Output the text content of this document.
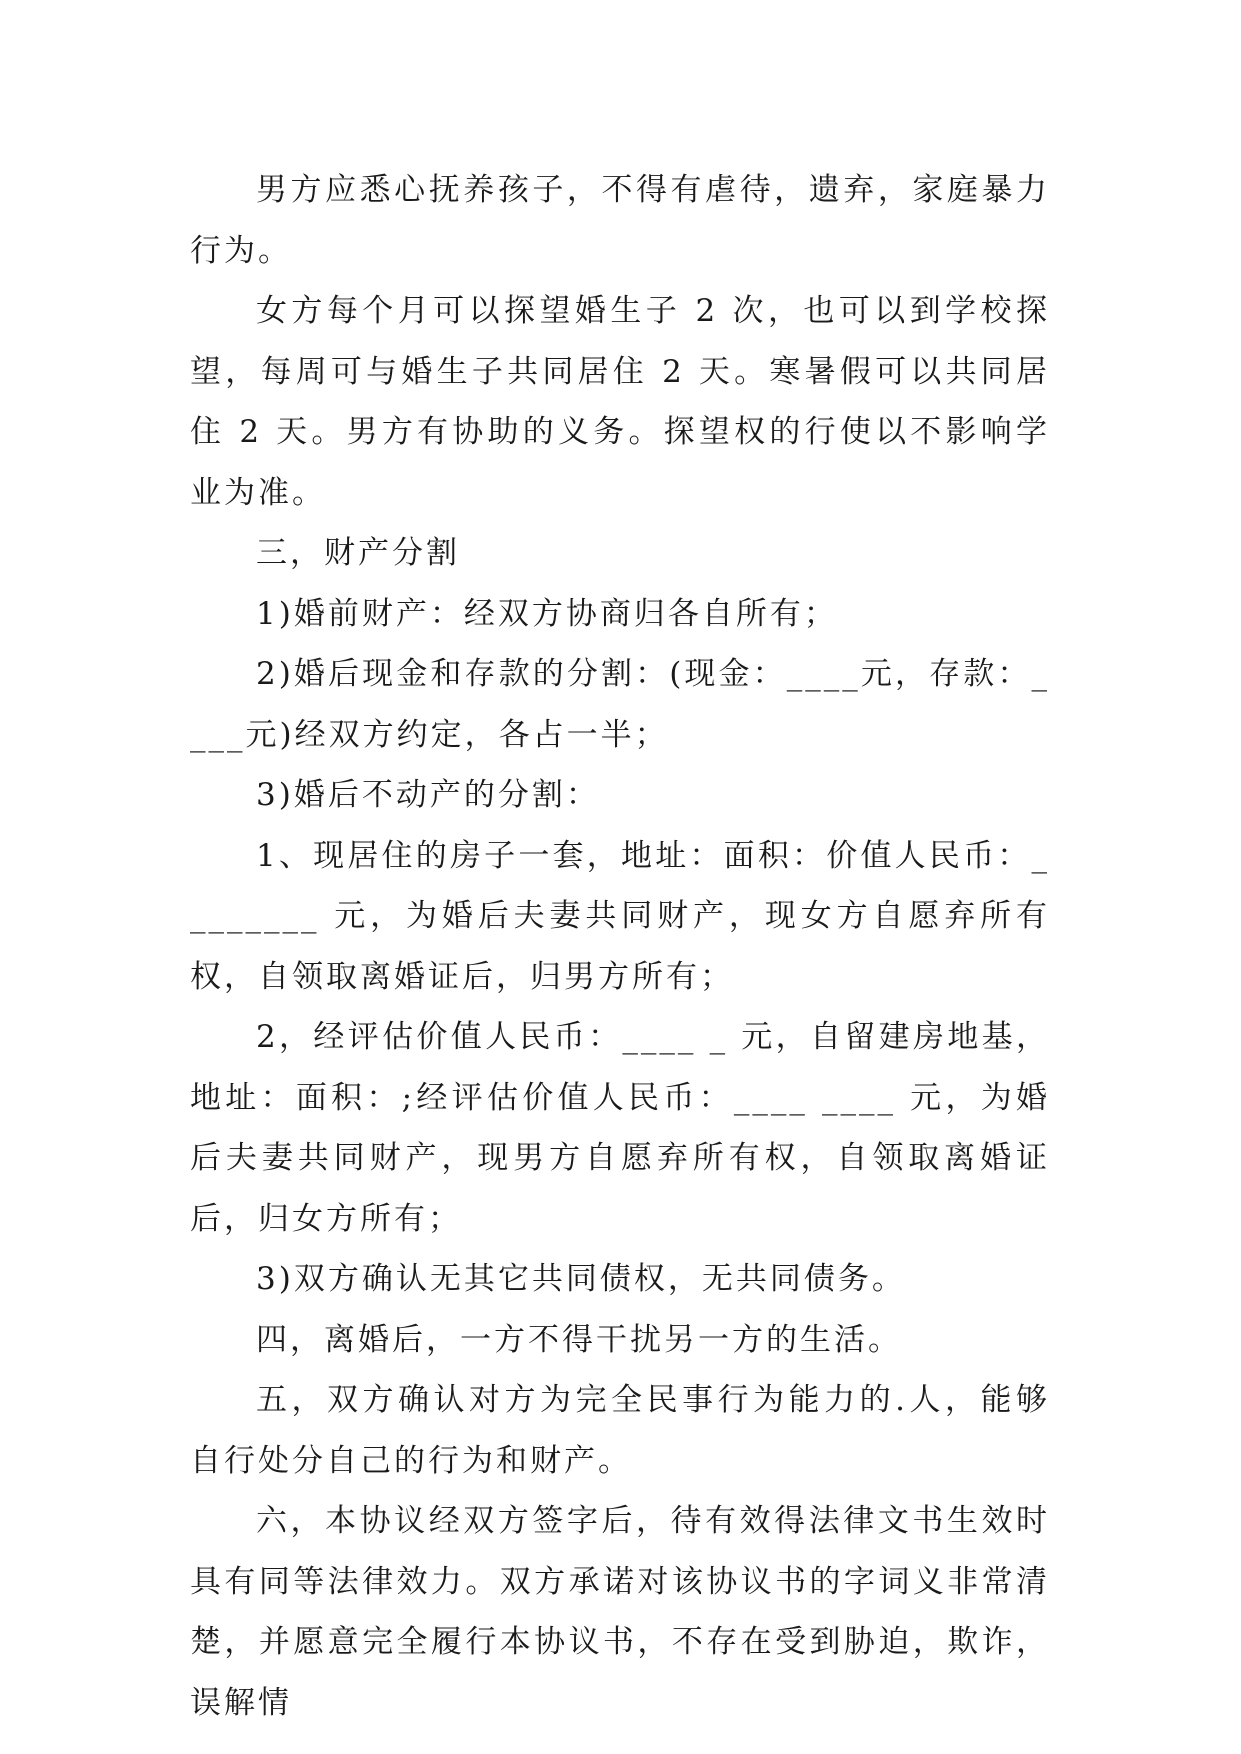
男方应悉心抚养孩子，不得有虐待，遗弃，家庭暴力行为。

女方每个月可以探望婚生子 2 次，也可以到学校探望，每周可与婚生子共同居住 2 天。寒暑假可以共同居住 2 天。男方有协助的义务。探望权的行使以不影响学业为准。

三，财产分割

1)婚前财产：经双方协商归各自所有；

2)婚后现金和存款的分割：(现金：____元，存款：____元)经双方约定，各占一半；

3)婚后不动产的分割：

1、现居住的房子一套，地址：面积：价值人民币：________ 元，为婚后夫妻共同财产，现女方自愿弃所有权，自领取离婚证后，归男方所有；

2，经评估价值人民币：____ _ 元，自留建房地基，地址：面积：;经评估价值人民币：____ ____ 元，为婚后夫妻共同财产，现男方自愿弃所有权，自领取离婚证后，归女方所有；

3)双方确认无其它共同债权，无共同债务。

四，离婚后，一方不得干扰另一方的生活。

五，双方确认对方为完全民事行为能力的.人，能够自行处分自己的行为和财产。

六，本协议经双方签字后，待有效得法律文书生效时具有同等法律效力。双方承诺对该协议书的字词义非常清楚，并愿意完全履行本协议书，不存在受到胁迫，欺诈，误解情
